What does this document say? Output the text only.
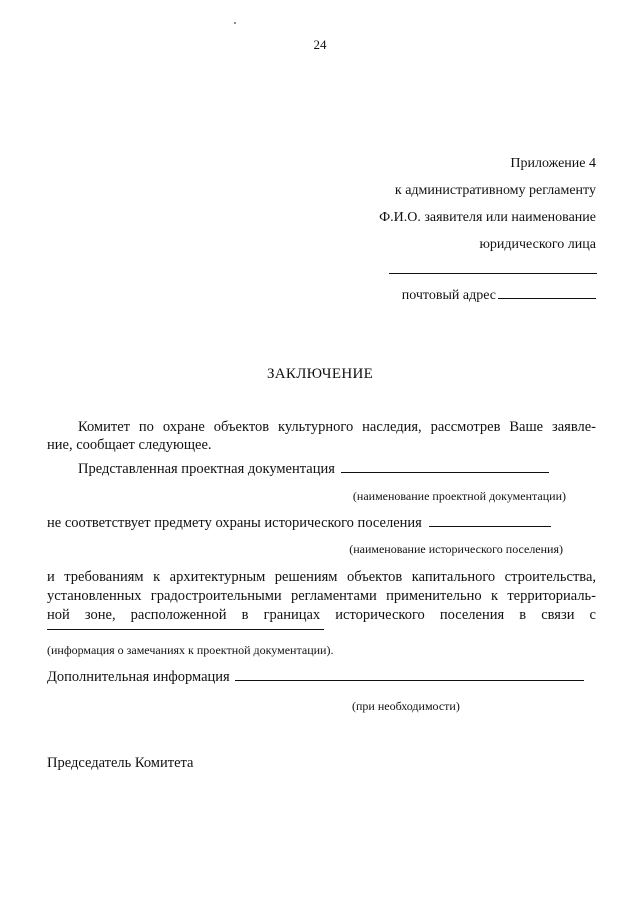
24
Приложение 4
к административному регламенту
Ф.И.О. заявителя или наименование
юридического лица
почтовый адрес
ЗАКЛЮЧЕНИЕ
Комитет по охране объектов культурного наследия, рассмотрев Ваше заявле-
ние, сообщает следующее.
Представленная проектная документация
(наименование проектной документации)
не соответствует предмету охраны исторического поселения
(наименование исторического поселения)
и требованиям к архитектурным решениям объектов капитального строительства,
установленных градостроительными регламентами применительно к территориаль-
ной зоне, расположенной в границах исторического поселения в связи с
(информация о замечаниях к проектной документации).
Дополнительная информация
(при необходимости)
Председатель Комитета
